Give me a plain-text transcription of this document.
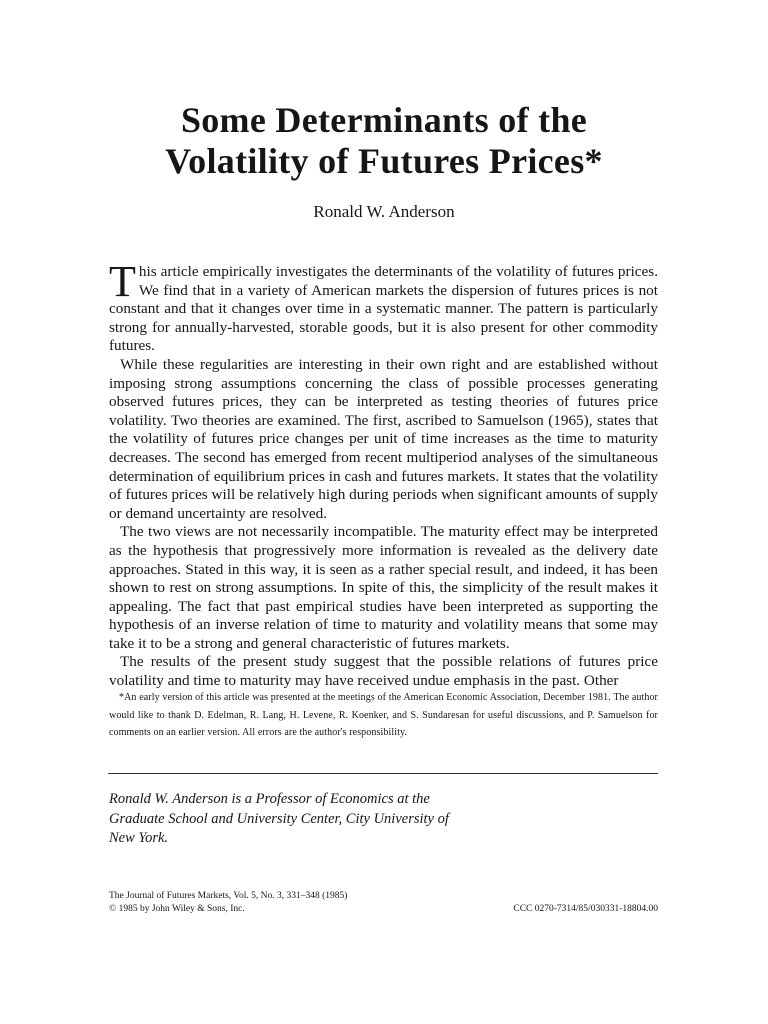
Some Determinants of the
Volatility of Futures Prices*

Ronald W. Anderson

This article empirically investigates the determinants of the volatility of futures prices. We find that in a variety of American markets the dispersion of futures prices is not constant and that it changes over time in a systematic manner. The pattern is particularly strong for annually-harvested, storable goods, but it is also present for other commodity futures.

While these regularities are interesting in their own right and are established without imposing strong assumptions concerning the class of possible processes generating observed futures prices, they can be interpreted as testing theories of futures price volatility. Two theories are examined. The first, ascribed to Samuelson (1965), states that the volatility of futures price changes per unit of time increases as the time to maturity decreases. The second has emerged from recent multiperiod analyses of the simultaneous determination of equilibrium prices in cash and futures markets. It states that the volatility of futures prices will be relatively high during periods when significant amounts of supply or demand uncertainty are resolved.

The two views are not necessarily incompatible. The maturity effect may be interpreted as the hypothesis that progressively more information is revealed as the delivery date approaches. Stated in this way, it is seen as a rather special result, and indeed, it has been shown to rest on strong assumptions. In spite of this, the simplicity of the result makes it appealing. The fact that past empirical studies have been interpreted as supporting the hypothesis of an inverse relation of time to maturity and volatility means that some may take it to be a strong and general characteristic of futures markets.

The results of the present study suggest that the possible relations of futures price volatility and time to maturity may have received undue emphasis in the past. Other

*An early version of this article was presented at the meetings of the American Economic Association, December 1981. The author would like to thank D. Edelman, R. Lang, H. Levene, R. Koenker, and S. Sundaresan for useful discussions, and P. Samuelson for comments on an earlier version. All errors are the author's responsibility.

Ronald W. Anderson is a Professor of Economics at the
Graduate School and University Center, City University of
New York.

The Journal of Futures Markets, Vol. 5, No. 3, 331–348 (1985)
© 1985 by John Wiley & Sons, Inc.	CCC 0270-7314/85/030331-18804.00
